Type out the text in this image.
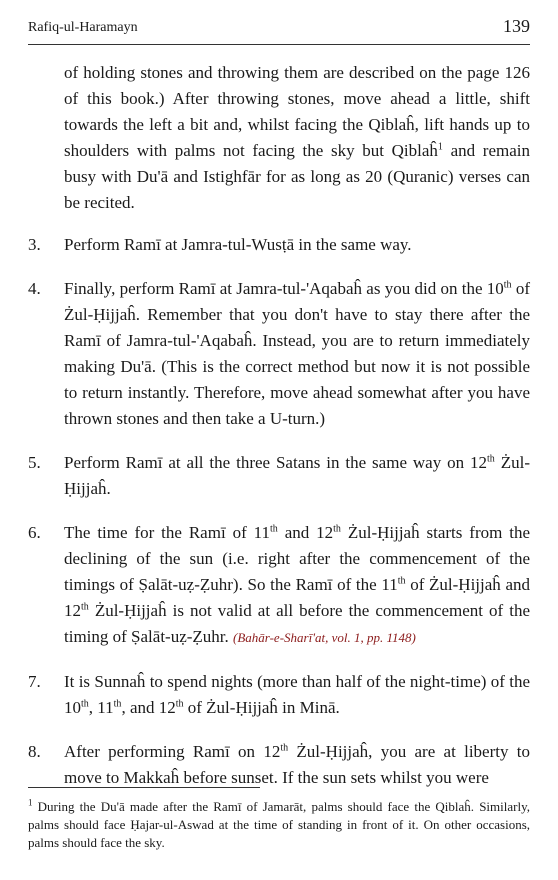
Rafiq-ul-Haramayn	139

of holding stones and throwing them are described on the page 126 of this book.) After throwing stones, move ahead a little, shift towards the left a bit and, whilst facing the Qiblaĥ, lift hands up to shoulders with palms not facing the sky but Qiblaĥ$^1$ and remain busy with Du'ā and Istighfār for as long as 20 (Quranic) verses can be recited.

3. Perform Ramī at Jamra-tul-Wusṭā in the same way.
4. Finally, perform Ramī at Jamra-tul-'Aqabaĥ as you did on the 10th of Żul-Ḥijjaĥ. Remember that you don't have to stay there after the Ramī of Jamra-tul-'Aqabaĥ. Instead, you are to return immediately making Du'ā. (This is the correct method but now it is not possible to return instantly. Therefore, move ahead somewhat after you have thrown stones and then take a U-turn.)
5. Perform Ramī at all the three Satans in the same way on 12th Żul-Ḥijjaĥ.
6. The time for the Ramī of 11th and 12th Żul-Ḥijjaĥ starts from the declining of the sun (i.e. right after the commencement of the timings of Ṣalāt-uẓ-Ẓuhr). So the Ramī of the 11th of Żul-Ḥijjaĥ and 12th Żul-Ḥijjaĥ is not valid at all before the commencement of the timing of Ṣalāt-uẓ-Ẓuhr. (Bahār-e-Sharī'at, vol. 1, pp. 1148)
7. It is Sunnaĥ to spend nights (more than half of the night-time) of the 10th, 11th, and 12th of Żul-Ḥijjaĥ in Minā.
8. After performing Ramī on 12th Żul-Ḥijjaĥ, you are at liberty to move to Makkaĥ before sunset. If the sun sets whilst you were
$^1$ During the Du'ā made after the Ramī of Jamarāt, palms should face the Qiblaĥ. Similarly, palms should face Ḥajar-ul-Aswad at the time of standing in front of it. On other occasions, palms should face the sky.
